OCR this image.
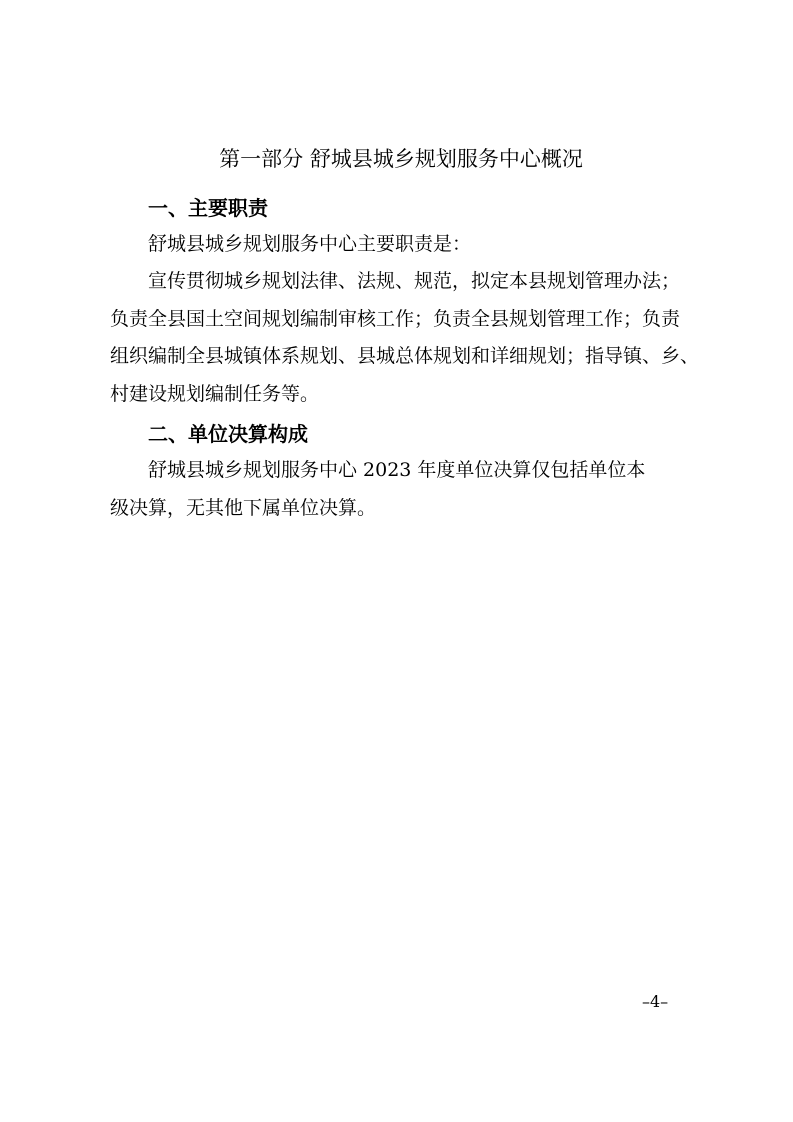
第一部分 舒城县城乡规划服务中心概况
一、主要职责

舒城县城乡规划服务中心主要职责是：

宣传贯彻城乡规划法律、法规、规范，拟定本县规划管理办法；

负责全县国土空间规划编制审核工作；负责全县规划管理工作；负责

组织编制全县城镇体系规划、县城总体规划和详细规划；指导镇、乡、

村建设规划编制任务等。

二、单位决算构成

舒城县城乡规划服务中心 2023 年度单位决算仅包括单位本

级决算，无其他下属单位决算。

–4–
